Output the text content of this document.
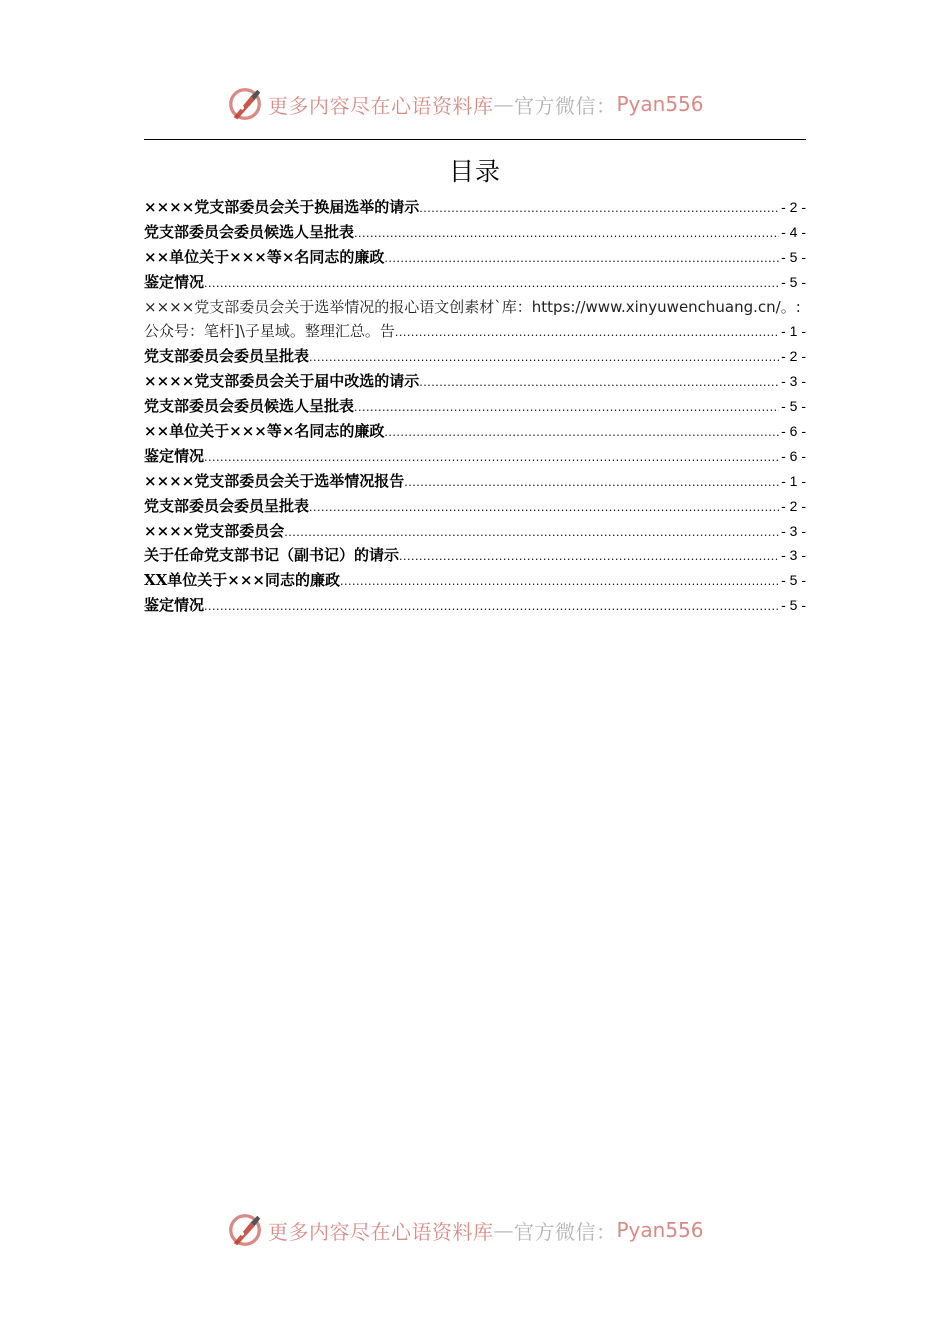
更多内容尽在心语资料库 — 官方微信： Pyan556
目录
××××党支部委员会关于换届选举的请示 .....	- 2 -
党支部委员会委员候选人呈批表 .....	- 4 -
××单位关于×××等×名同志的廉政 .....	- 5 -
鉴定情况 .....	- 5 -
××××党支部委员会关于选举情况的报心语文创素材`库：https://www.xinyuwenchuang.cn/。:
公众号：笔杆]\子星域。整理汇总。告 .....	- 1 -
党支部委员会委员呈批表 .....	- 2 -
××××党支部委员会关于届中改选的请示 .....	- 3 -
党支部委员会委员候选人呈批表 .....	- 5 -
××单位关于×××等×名同志的廉政 .....	- 6 -
鉴定情况 .....	- 6 -
××××党支部委员会关于选举情况报告 .....	- 1 -
党支部委员会委员呈批表 .....	- 2 -
××××党支部委员会 .....	- 3 -
关于任命党支部书记（副书记）的请示 .....	- 3 -
XX单位关于×××同志的廉政 .....	- 5 -
鉴定情况 .....	- 5 -
更多内容尽在心语资料库 — 官方微信： Pyan556
